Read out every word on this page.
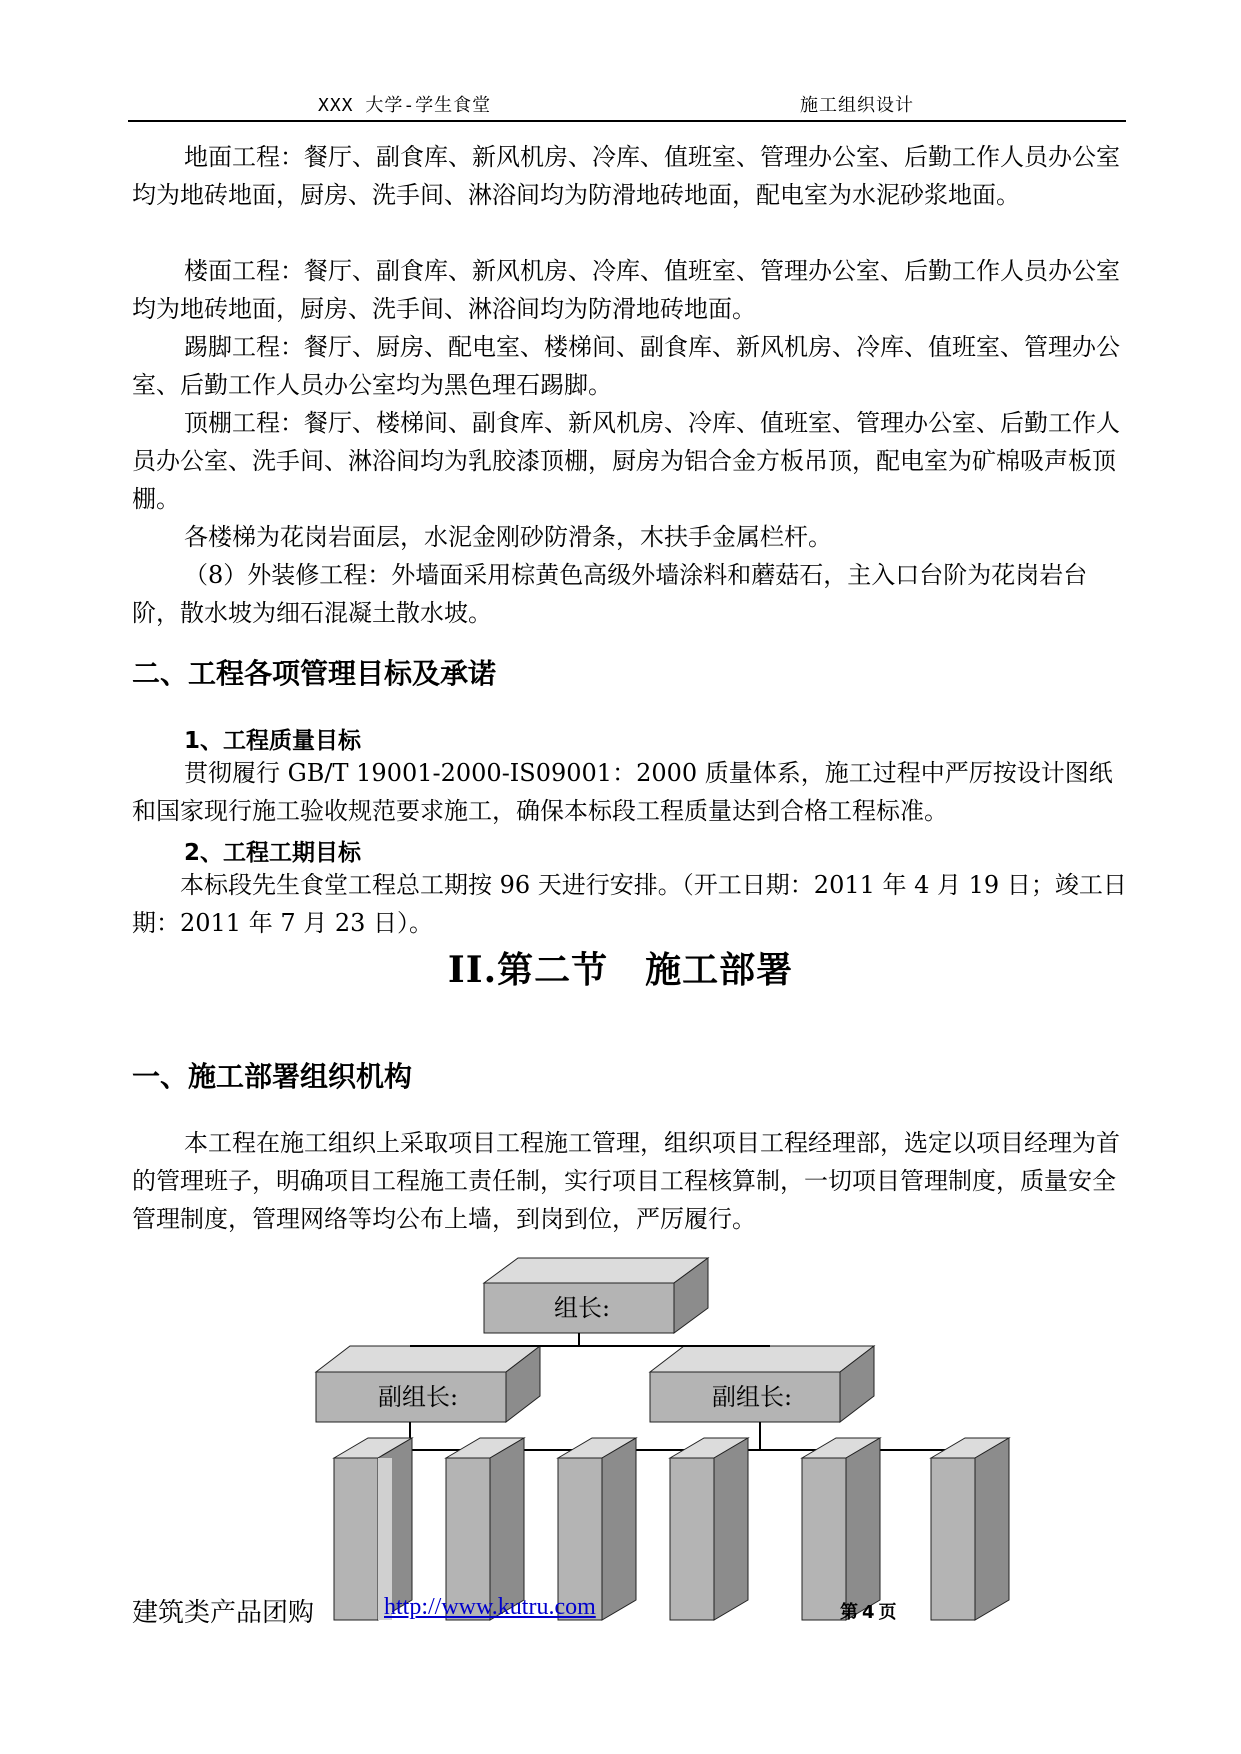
XXX 大学-学生食堂	施工组织设计

地面工程：餐厅、副食库、新风机房、冷库、值班室、管理办公室、后勤工作人员办公室均为地砖地面，厨房、洗手间、淋浴间均为防滑地砖地面，配电室为水泥砂浆地面。

楼面工程：餐厅、副食库、新风机房、冷库、值班室、管理办公室、后勤工作人员办公室均为地砖地面，厨房、洗手间、淋浴间均为防滑地砖地面。

踢脚工程：餐厅、厨房、配电室、楼梯间、副食库、新风机房、冷库、值班室、管理办公室、后勤工作人员办公室均为黑色理石踢脚。

顶棚工程：餐厅、楼梯间、副食库、新风机房、冷库、值班室、管理办公室、后勤工作人员办公室、洗手间、淋浴间均为乳胶漆顶棚，厨房为铝合金方板吊顶，配电室为矿棉吸声板顶棚。

各楼梯为花岗岩面层，水泥金刚砂防滑条，木扶手金属栏杆。

（8）外装修工程：外墙面采用棕黄色高级外墙涂料和蘑菇石，主入口台阶为花岗岩台阶，散水坡为细石混凝土散水坡。

二、工程各项管理目标及承诺
1、工程质量目标

贯彻履行 GB/T 19001-2000-IS09001：2000 质量体系，施工过程中严厉按设计图纸和国家现行施工验收规范要求施工，确保本标段工程质量达到合格工程标准。

2、工程工期目标

本标段先生食堂工程总工期按 96 天进行安排。（开工日期：2011 年 4 月 19 日；竣工日期：2011 年 7 月 23 日）。

II.第二节　施工部署
一、施工部署组织机构

本工程在施工组织上采取项目工程施工管理，组织项目工程经理部，选定以项目经理为首的管理班子，明确项目工程施工责任制，实行项目工程核算制，一切项目管理制度，质量安全管理制度，管理网络等均公布上墙，到岗到位，严厉履行。

组长:
副组长:	副组长:
建筑类产品团购	http://www.kutru.com	第 4 页
